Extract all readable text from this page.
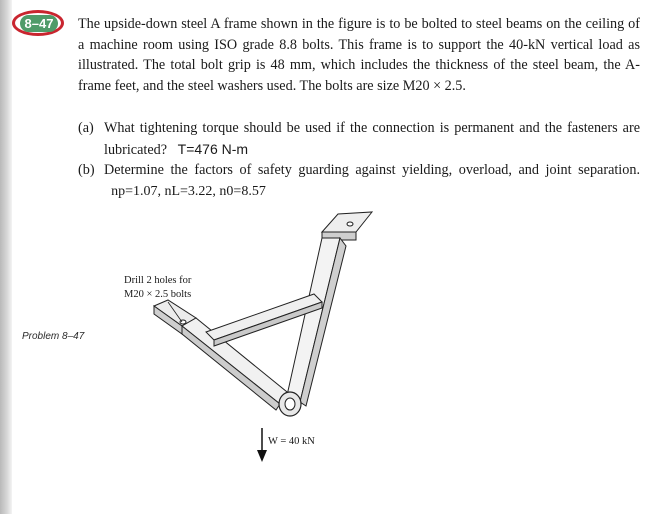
8–47	The upside-down steel A frame shown in the figure is to be bolted to steel beams on the ceiling of a machine room using ISO grade 8.8 bolts. This frame is to support the 40-kN vertical load as illustrated. The total bolt grip is 48 mm, which includes the thickness of the steel beam, the A-frame feet, and the steel washers used. The bolts are size M20 × 2.5.

(a) What tightening torque should be used if the connection is permanent and the fasteners are lubricated? T=476 N-m
(b) Determine the factors of safety guarding against yielding, overload, and joint separation.   np=1.07, nL=3.22, n0=8.57
Drill 2 holes for
M20 × 2.5 bolts
Problem 8–47
W = 40 kN
